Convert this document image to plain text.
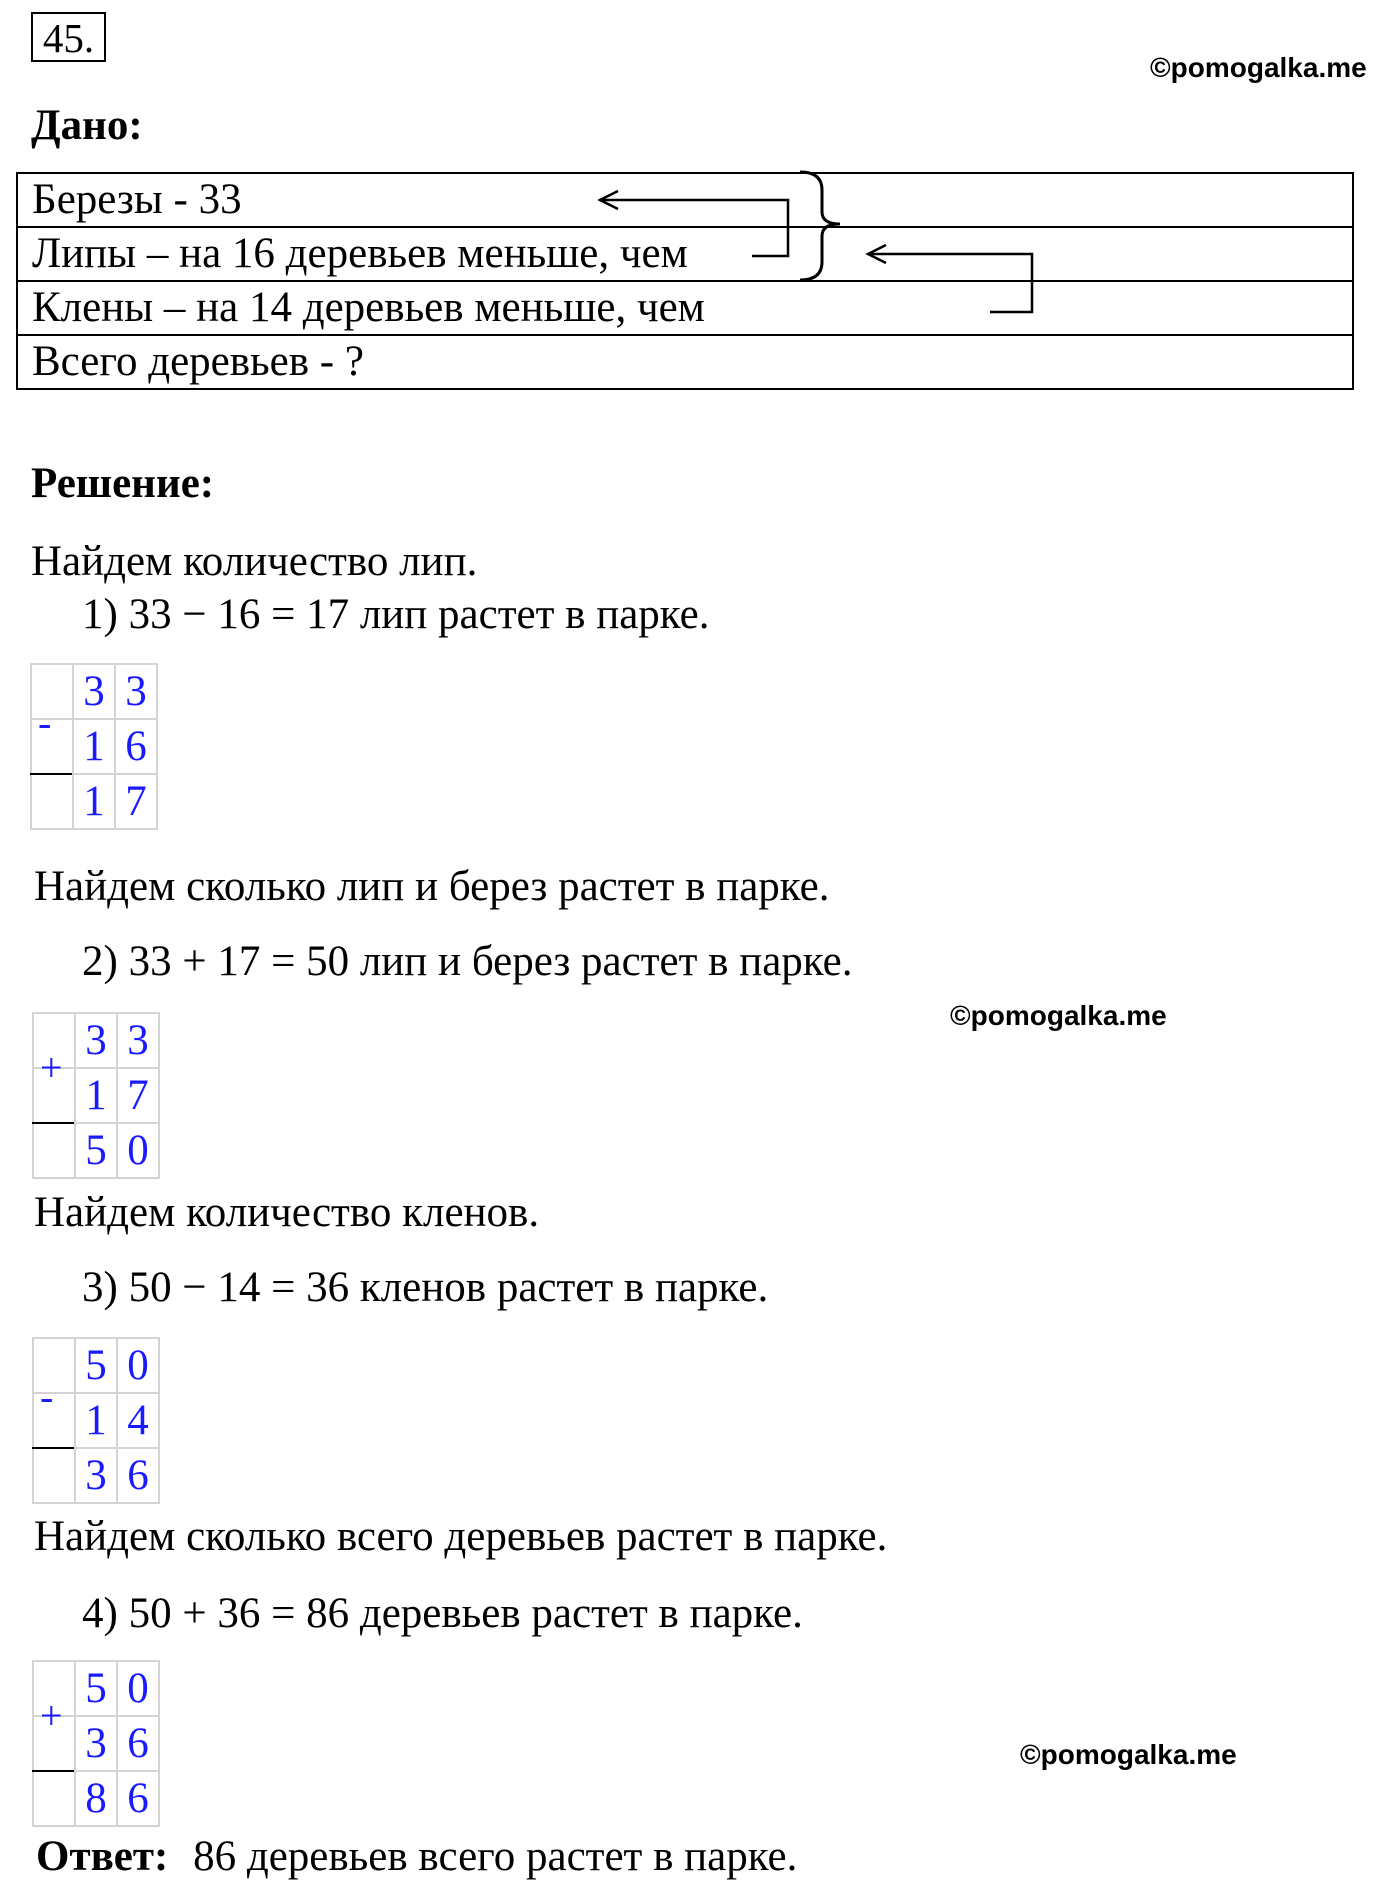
45.
©pomogalka.me
Дано:
Березы - 33
Липы – на 16 деревьев меньше, чем
Клены – на 14 деревьев меньше, чем
Всего деревьев - ?
Решение:
Найдем количество лип.
1) 33 − 16 = 17 лип растет в парке.
	3	3
	1	6
	1	7
-
Найдем сколько лип и берез растет в парке.
2) 33 + 17 = 50 лип и берез растет в парке.
©pomogalka.me
	3	3
	1	7
	5	0
+
Найдем количество кленов.
3) 50 − 14 = 36 кленов растет в парке.
	5	0
	1	4
	3	6
-
Найдем сколько всего деревьев растет в парке.
4) 50 + 36 = 86 деревьев растет в парке.
	5	0
	3	6
	8	6
+
©pomogalka.me
Ответ: 86 деревьев всего растет в парке.
